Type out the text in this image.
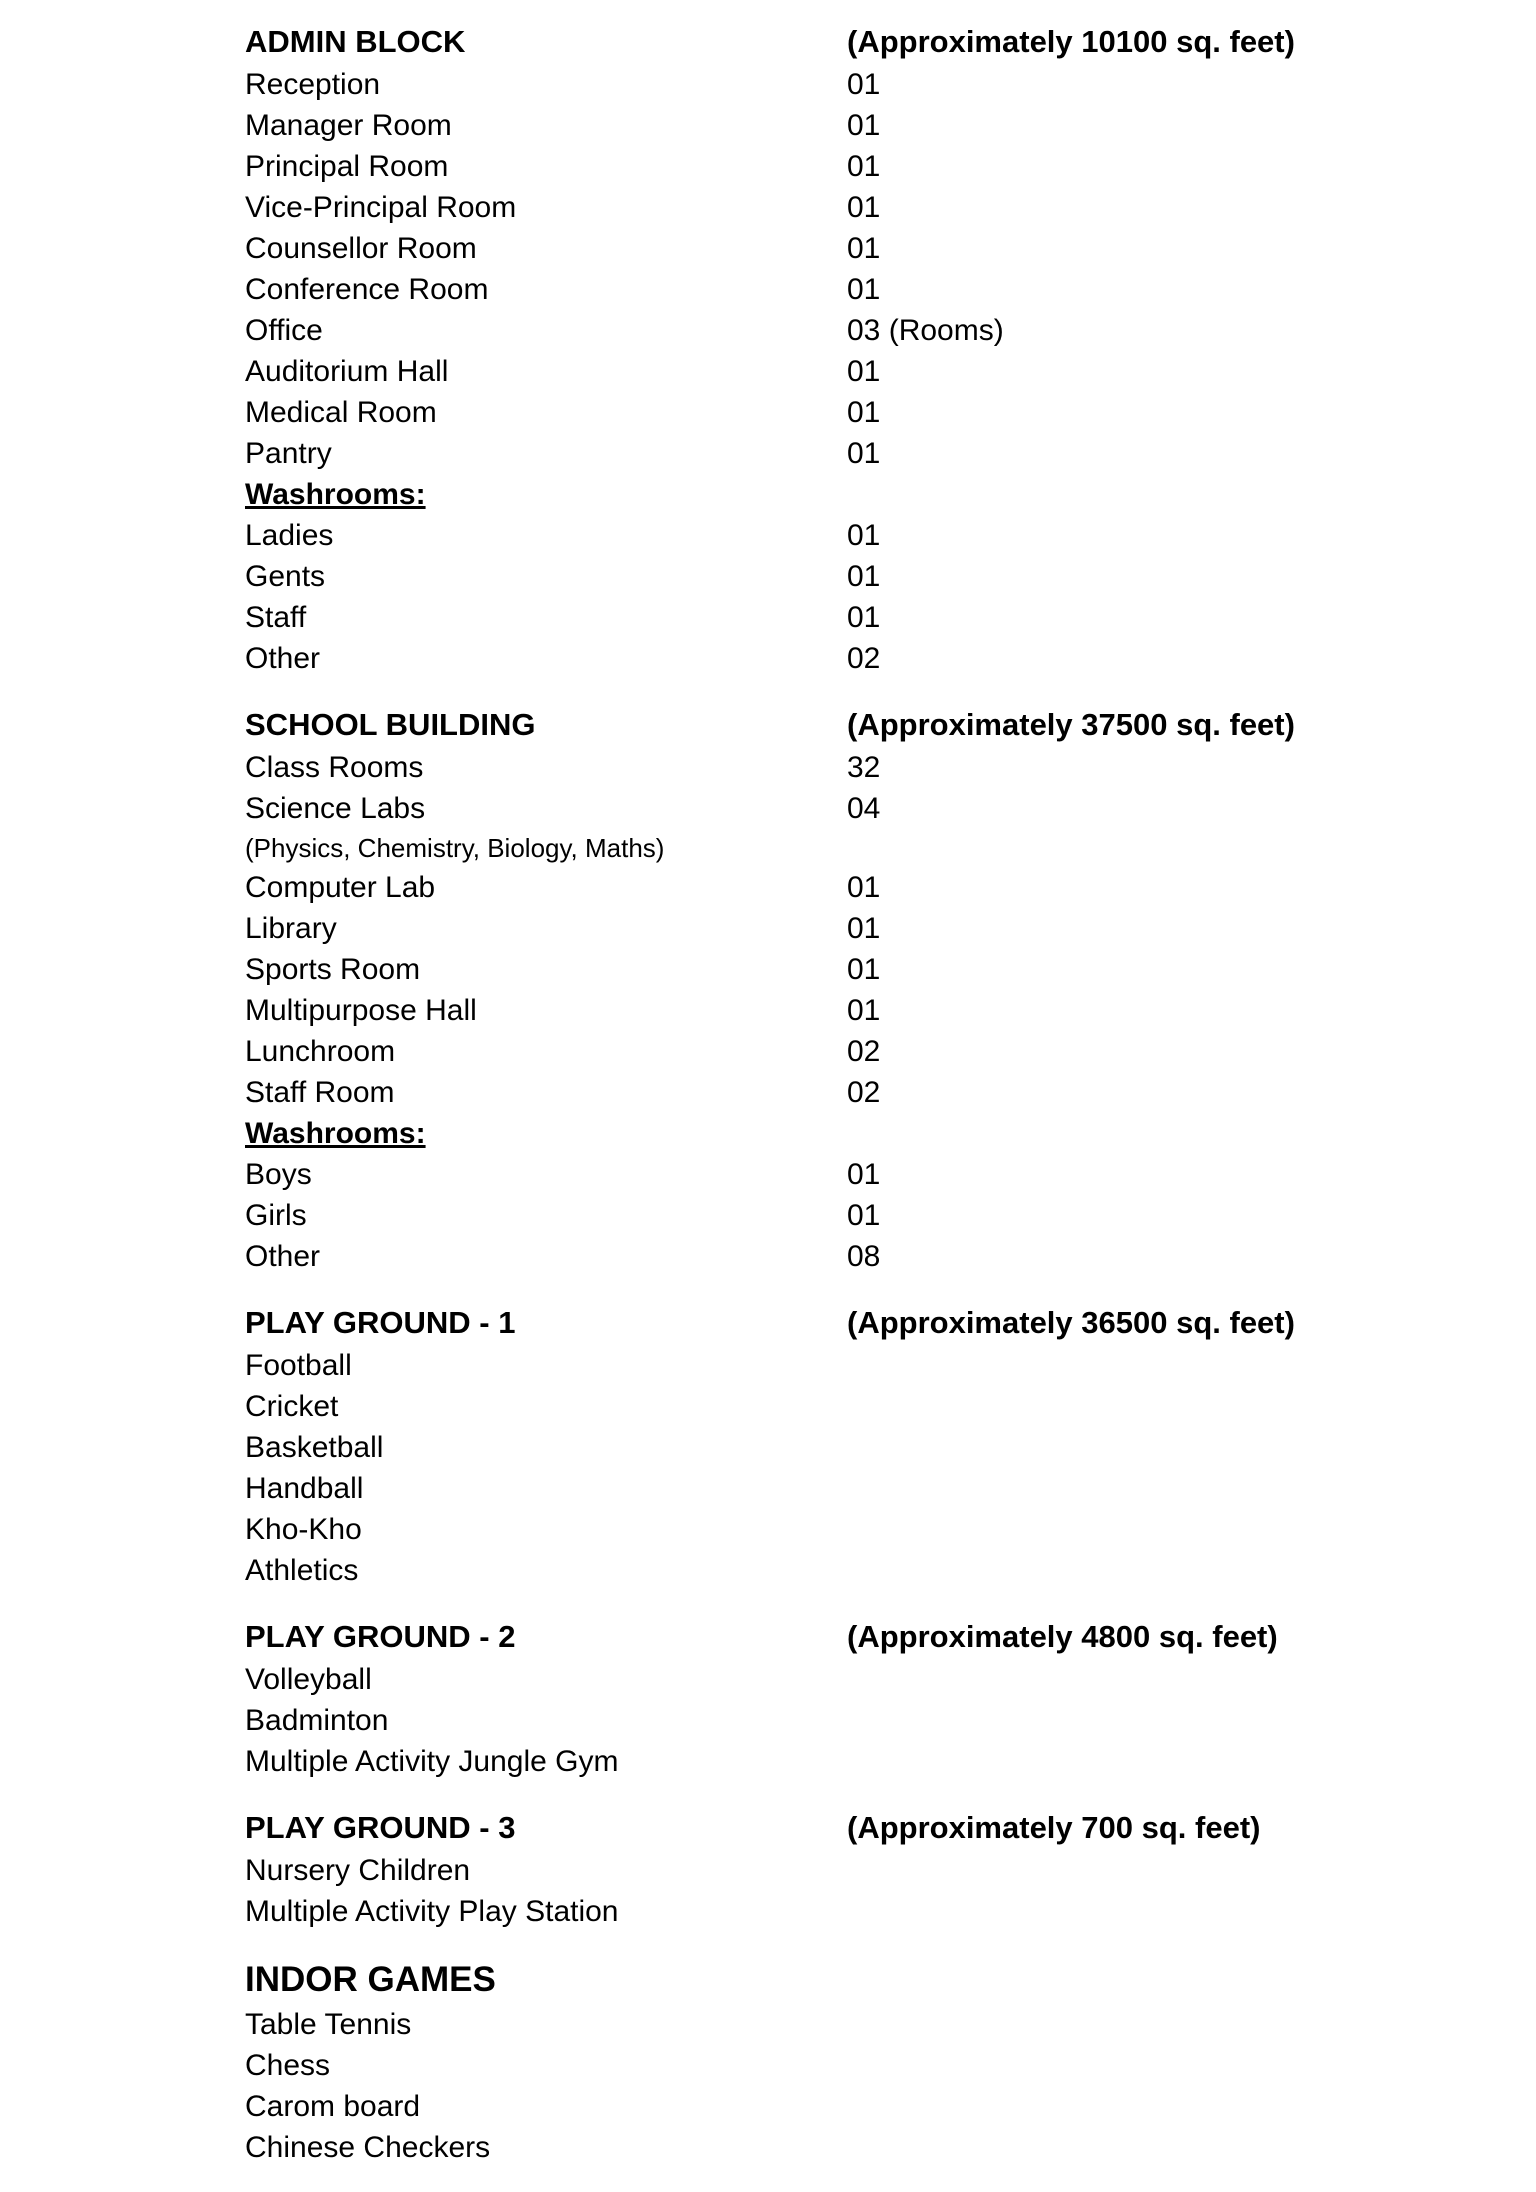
ADMIN BLOCK	(Approximately 10100 sq. feet)
Reception	01
Manager Room	01
Principal Room	01
Vice-Principal Room	01
Counsellor Room	01
Conference Room	01
Office	03 (Rooms)
Auditorium Hall	01
Medical Room	01
Pantry	01
Washrooms:
Ladies	01
Gents	01
Staff	01
Other	02
SCHOOL BUILDING	(Approximately 37500 sq. feet)
Class Rooms	32
Science Labs	04
(Physics, Chemistry, Biology, Maths)
Computer Lab	01
Library	01
Sports Room	01
Multipurpose Hall	01
Lunchroom	02
Staff Room	02
Washrooms:
Boys	01
Girls	01
Other	08
PLAY GROUND - 1	(Approximately 36500 sq. feet)
Football
Cricket
Basketball
Handball
Kho-Kho
Athletics
PLAY GROUND - 2	(Approximately 4800 sq. feet)
Volleyball
Badminton
Multiple Activity Jungle Gym
PLAY GROUND - 3	(Approximately 700 sq. feet)
Nursery Children
Multiple Activity Play Station
INDOR GAMES
Table Tennis
Chess
Carom board
Chinese Checkers
